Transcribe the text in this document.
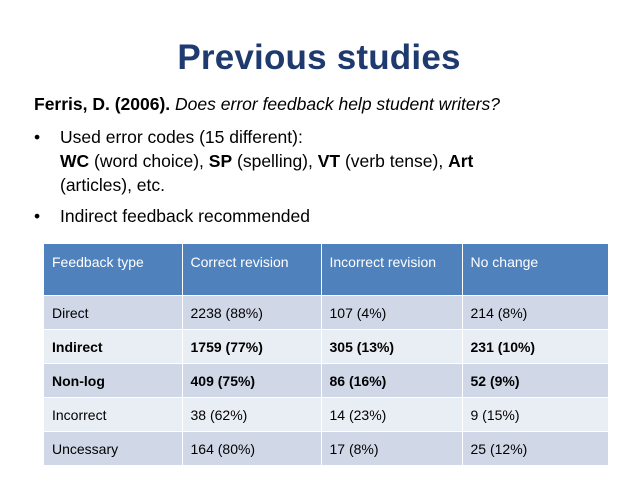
Previous studies
Ferris, D. (2006). Does error feedback help student writers?
• Used error codes (15 different):
WC (word choice), SP (spelling), VT (verb tense), Art
(articles), etc.
• Indirect feedback recommended
Feedback type	Correct revision	Incorrect revision	No change
Direct	2238 (88%)	107 (4%)	214 (8%)
Indirect	1759 (77%)	305 (13%)	231 (10%)
Non-log	409 (75%)	86 (16%)	52 (9%)
Incorrect	38 (62%)	14 (23%)	9 (15%)
Uncessary	164 (80%)	17 (8%)	25 (12%)
